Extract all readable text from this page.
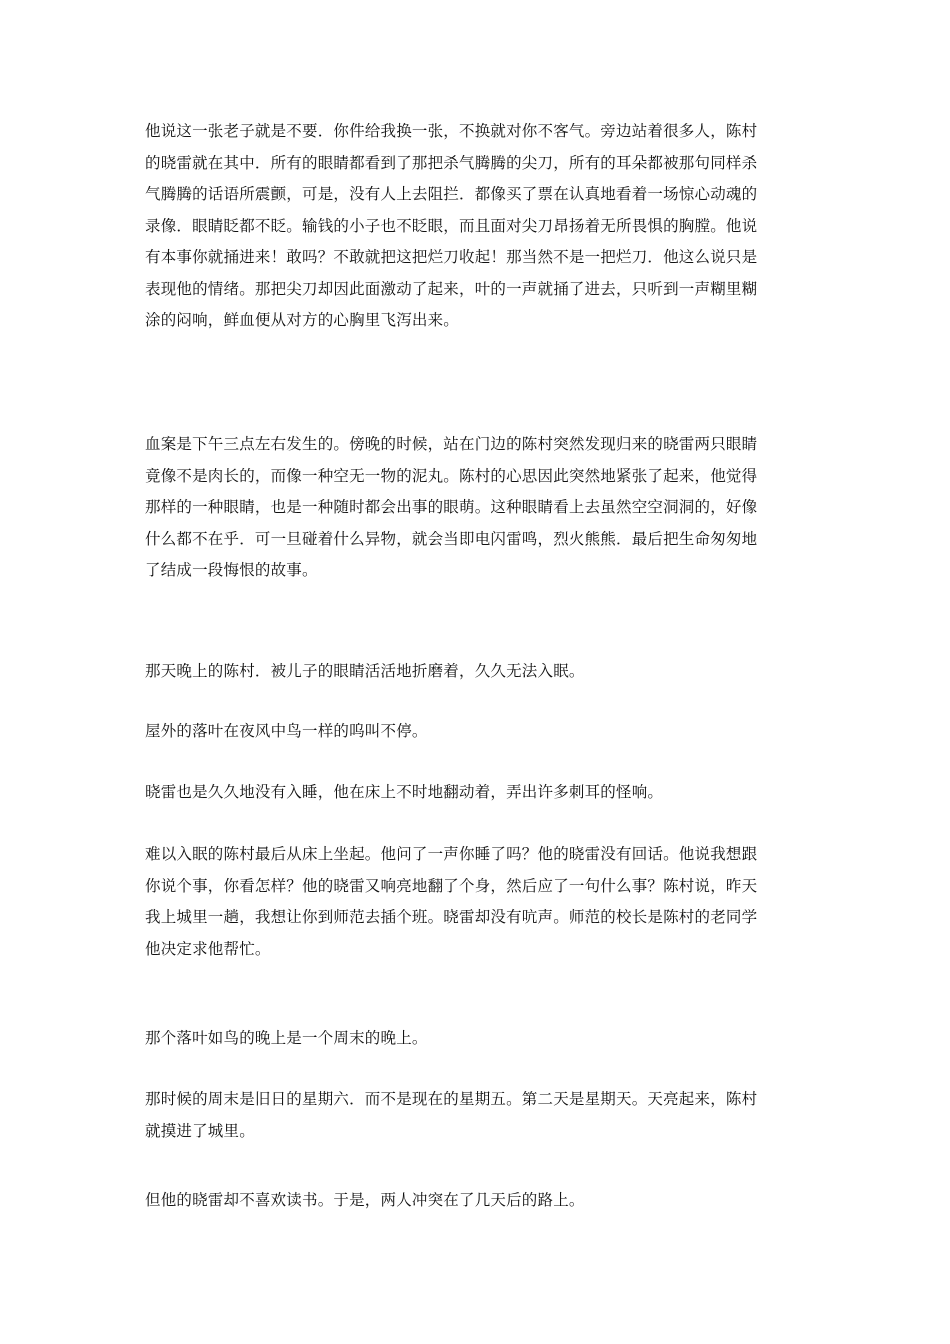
他说这一张老子就是不要．你件给我换一张，不换就对你不客气。旁边站着很多人，陈村
的晓雷就在其中．所有的眼睛都看到了那把杀气腾腾的尖刀，所有的耳朵都被那句同样杀
气腾腾的话语所震颤，可是，没有人上去阻拦．都像买了票在认真地看着一场惊心动魂的
录像．眼睛眨都不眨。输钱的小子也不眨眼，而且面对尖刀昂扬着无所畏惧的胸膛。他说
有本事你就捅进来！敢吗？不敢就把这把烂刀收起！那当然不是一把烂刀．他这么说只是
表现他的情绪。那把尖刀却因此面激动了起来，叶的一声就捅了进去，只听到一声糊里糊
涂的闷响，鲜血便从对方的心胸里飞泻出来。
血案是下午三点左右发生的。傍晚的时候，站在门边的陈村突然发现归来的晓雷两只眼睛
竟像不是肉长的，而像一种空无一物的泥丸。陈村的心思因此突然地紧张了起来，他觉得
那样的一种眼睛，也是一种随时都会出事的眼萌。这种眼睛看上去虽然空空洞洞的，好像
什么都不在乎．可一旦碰着什么异物，就会当即电闪雷鸣，烈火熊熊．最后把生命匆匆地
了结成一段悔恨的故事。
那天晚上的陈村．被儿子的眼睛活活地折磨着，久久无法入眠。
屋外的落叶在夜风中鸟一样的呜叫不停。
晓雷也是久久地没有入睡，他在床上不时地翻动着，弄出许多刺耳的怪响。
难以入眠的陈村最后从床上坐起。他问了一声你睡了吗？他的晓雷没有回话。他说我想跟
你说个事，你看怎样？他的晓雷又响亮地翻了个身，然后应了一句什么事？陈村说，昨天
我上城里一趟，我想让你到师范去插个班。晓雷却没有吭声。师范的校长是陈村的老同学
他决定求他帮忙。
那个落叶如鸟的晚上是一个周末的晚上。
那时候的周末是旧日的星期六．而不是现在的星期五。第二天是星期天。天亮起来，陈村
就摸进了城里。
但他的晓雷却不喜欢读书。于是，两人冲突在了几天后的路上。
